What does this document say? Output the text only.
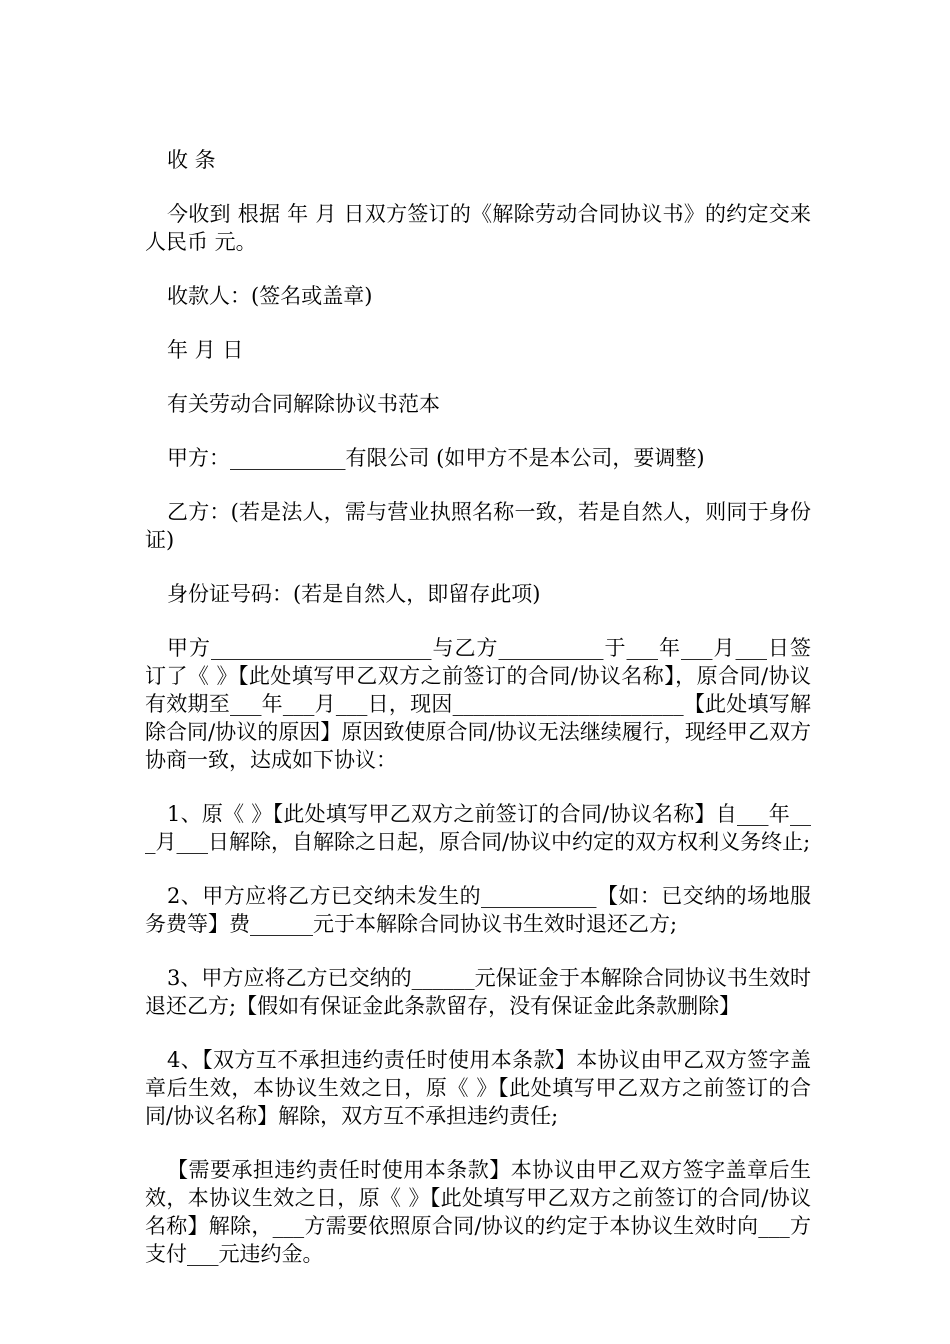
收 条

今收到 根据 年 月 日双方签订的《解除劳动合同协议书》的约定交来人民币 元。

收款人：(签名或盖章)

年 月 日

有关劳动合同解除协议书范本

甲方：___________有限公司 (如甲方不是本公司，要调整)

乙方：(若是法人，需与营业执照名称一致，若是自然人，则同于身份证)

身份证号码：(若是自然人，即留存此项)

甲方_____________________与乙方__________于___年___月___日签订了《 》【此处填写甲乙双方之前签订的合同/协议名称】，原合同/协议有效期至___年___月___日，现因______________________【此处填写解除合同/协议的原因】原因致使原合同/协议无法继续履行，现经甲乙双方协商一致，达成如下协议：

1、原《 》【此处填写甲乙双方之前签订的合同/协议名称】自___年___月___日解除，自解除之日起，原合同/协议中约定的双方权利义务终止;

2、甲方应将乙方已交纳未发生的___________【如：已交纳的场地服务费等】费______元于本解除合同协议书生效时退还乙方;

3、甲方应将乙方已交纳的______元保证金于本解除合同协议书生效时退还乙方;【假如有保证金此条款留存，没有保证金此条款删除】

4、【双方互不承担违约责任时使用本条款】本协议由甲乙双方签字盖章后生效，本协议生效之日，原《 》【此处填写甲乙双方之前签订的合同/协议名称】解除，双方互不承担违约责任;

【需要承担违约责任时使用本条款】本协议由甲乙双方签字盖章后生效，本协议生效之日，原《 》【此处填写甲乙双方之前签订的合同/协议名称】解除，___方需要依照原合同/协议的约定于本协议生效时向___方支付___元违约金。
